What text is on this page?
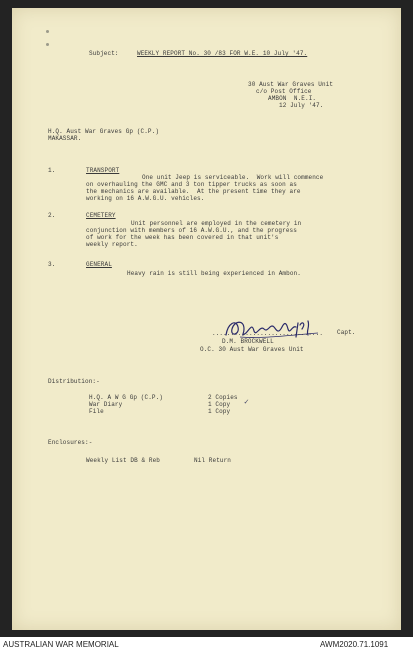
Subject:	WEEKLY REPORT No. 30 /83 FOR W.E. 10 July '47.
30 Aust War Graves Unit
c/o Post Office
AMBON  N.E.I.
12 July '47.
H.Q. Aust War Graves Gp (C.P.)
MAKASSAR.
1.	TRANSPORT
One unit Jeep is serviceable.  Work will commence
on overhauling the GMC and 3 ton tipper trucks as soon as
the mechanics are available.  At the present time they are
working on 16 A.W.G.U. vehicles.
2.	CEMETERY
Unit personnel are employed in the cemetery in
conjunction with members of 16 A.W.G.U., and the progress
of work for the week has been covered in that unit's
weekly report.
3.	GENERAL
Heavy rain is still being experienced in Ambon.
.............................. Capt.
D.M. BROCKWELL
O.C. 30 Aust War Graves Unit
Distribution:-
H.Q. A W G Gp (C.P.)	2 Copies
War Diary	1 Copy ✓
File	1 Copy
Enclosures:-
Weekly List DB & Reb	Nil Return
AUSTRALIAN WAR MEMORIAL	AWM2020.71.1091
